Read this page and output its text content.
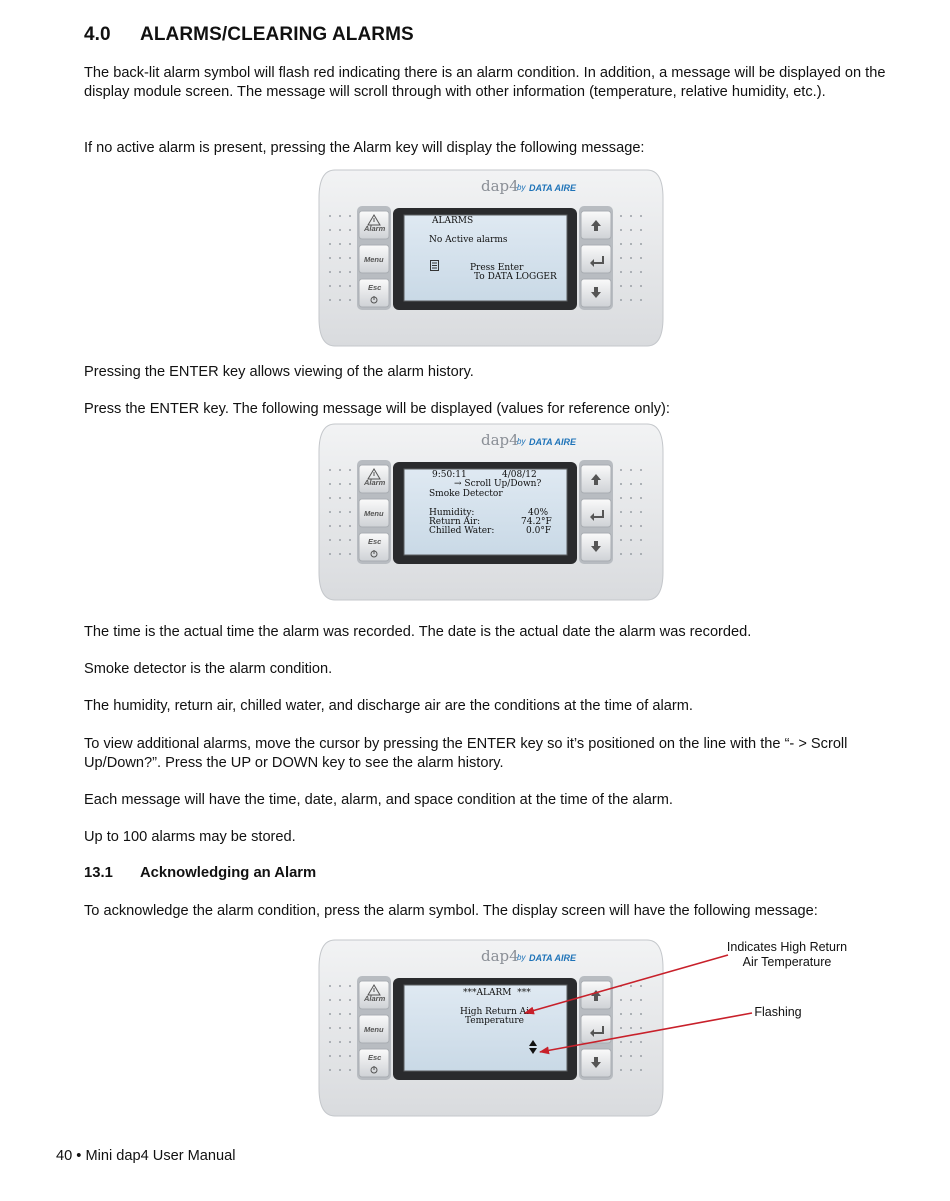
4.0 ALARMS/CLEARING ALARMS
The back-lit alarm symbol will flash red indicating there is an alarm condition. In addition, a message will be displayed on the display module screen. The message will scroll through with other information (temperature, relative humidity, etc.).
If no active alarm is present, pressing the Alarm key will display the following message:
dap4
by DATA AIRE
Alarm
Menu
Esc
ALARMS
No Active alarms
Press Enter
To DATA LOGGER
Pressing the ENTER key allows viewing of the alarm history.
Press the ENTER key. The following message will be displayed (values for reference only):
dap4
by DATA AIRE
Alarm
Menu
Esc
9:50:11	4/08/12
→ Scroll Up/Down?
Smoke Detector
Humidity:	40%
Return Air:	74.2°F
Chilled Water:	0.0°F
The time is the actual time the alarm was recorded. The date is the actual date the alarm was recorded.
Smoke detector is the alarm condition.
The humidity, return air, chilled water, and discharge air are the conditions at the time of alarm.
To view additional alarms, move the cursor by pressing the ENTER key so it’s positioned on the line with the “- > Scroll Up/Down?”. Press the UP or DOWN key to see the alarm history.
Each message will have the time, date, alarm, and space condition at the time of the alarm.
Up to 100 alarms may be stored.
13.1 Acknowledging an Alarm
To acknowledge the alarm condition, press the alarm symbol. The display screen will have the following message:
dap4
by DATA AIRE
Alarm
Menu
Esc
***ALARM  ***
High Return Air
Temperature
Indicates High Return
Air Temperature
Flashing
40 • Mini dap4 User Manual
